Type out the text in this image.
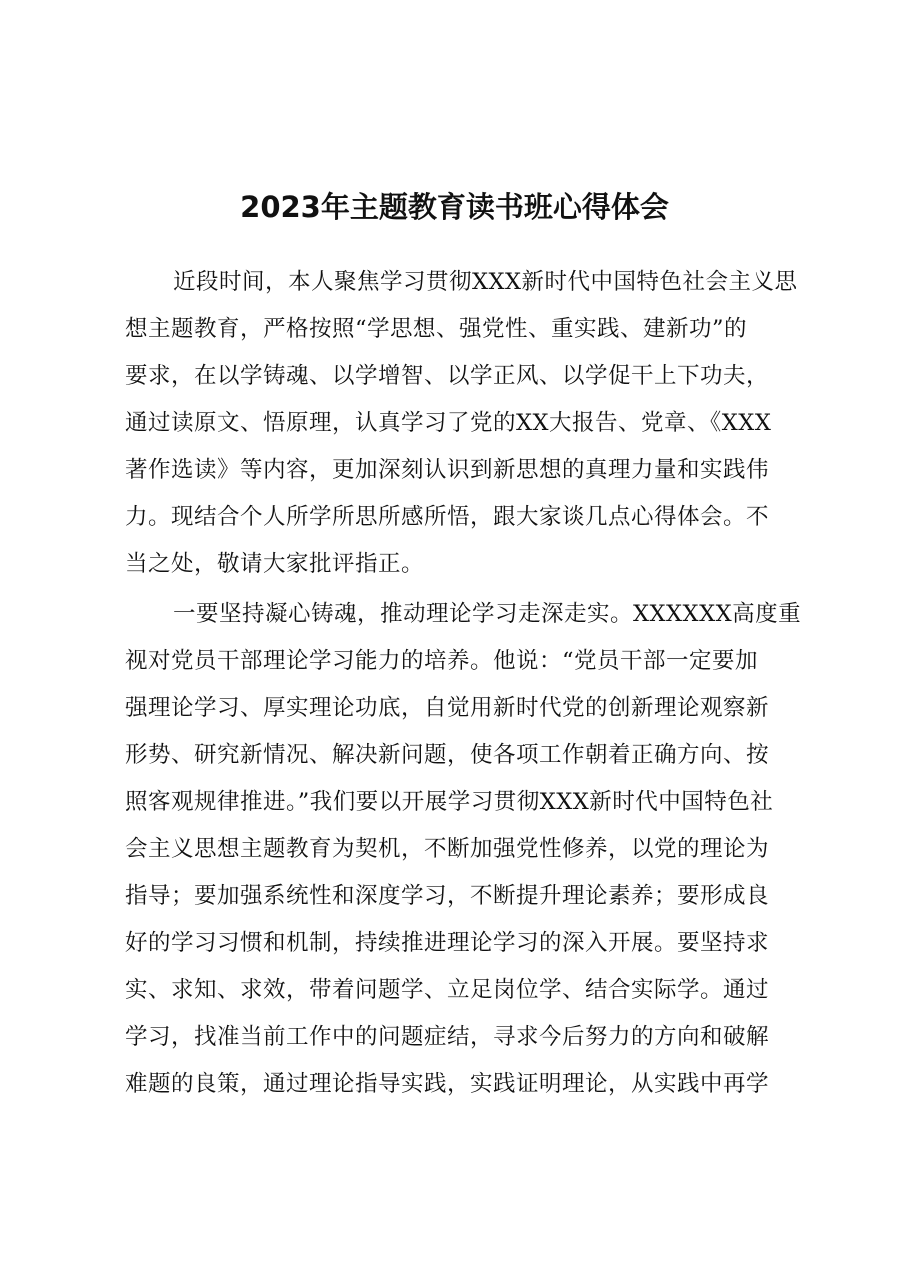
2023年主题教育读书班心得体会
近段时间，本人聚焦学习贯彻XXX新时代中国特色社会主义思
想主题教育，严格按照“学思想、强党性、重实践、建新功”的
要求，在以学铸魂、以学增智、以学正风、以学促干上下功夫，
通过读原文、悟原理，认真学习了党的XX大报告、党章、《XXX
著作选读》等内容，更加深刻认识到新思想的真理力量和实践伟
力。现结合个人所学所思所感所悟，跟大家谈几点心得体会。不
当之处，敬请大家批评指正。
一要坚持凝心铸魂，推动理论学习走深走实。XXXXXX高度重
视对党员干部理论学习能力的培养。他说：“党员干部一定要加
强理论学习、厚实理论功底，自觉用新时代党的创新理论观察新
形势、研究新情况、解决新问题，使各项工作朝着正确方向、按
照客观规律推进。”我们要以开展学习贯彻XXX新时代中国特色社
会主义思想主题教育为契机，不断加强党性修养，以党的理论为
指导；要加强系统性和深度学习，不断提升理论素养；要形成良
好的学习习惯和机制，持续推进理论学习的深入开展。要坚持求
实、求知、求效，带着问题学、立足岗位学、结合实际学。通过
学习，找准当前工作中的问题症结，寻求今后努力的方向和破解
难题的良策，通过理论指导实践，实践证明理论，从实践中再学
